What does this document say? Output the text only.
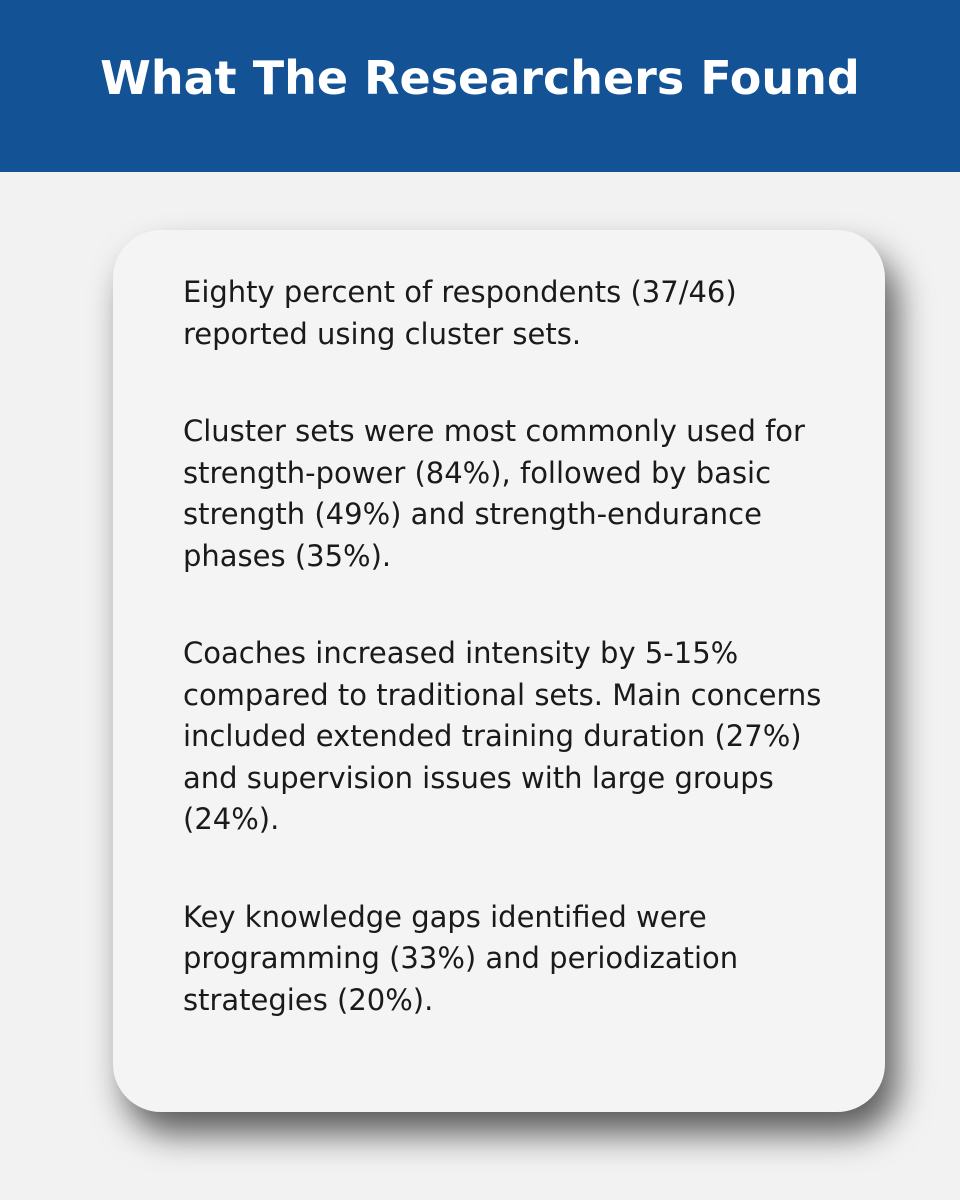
What The Researchers Found

Eighty percent of respondents (37/46) reported using cluster sets.

Cluster sets were most commonly used for strength-power (84%), followed by basic strength (49%) and strength-endurance phases (35%).

Coaches increased intensity by 5-15% compared to traditional sets. Main concerns included extended training duration (27%) and supervision issues with large groups (24%).

Key knowledge gaps identified were programming (33%) and periodization strategies (20%).
